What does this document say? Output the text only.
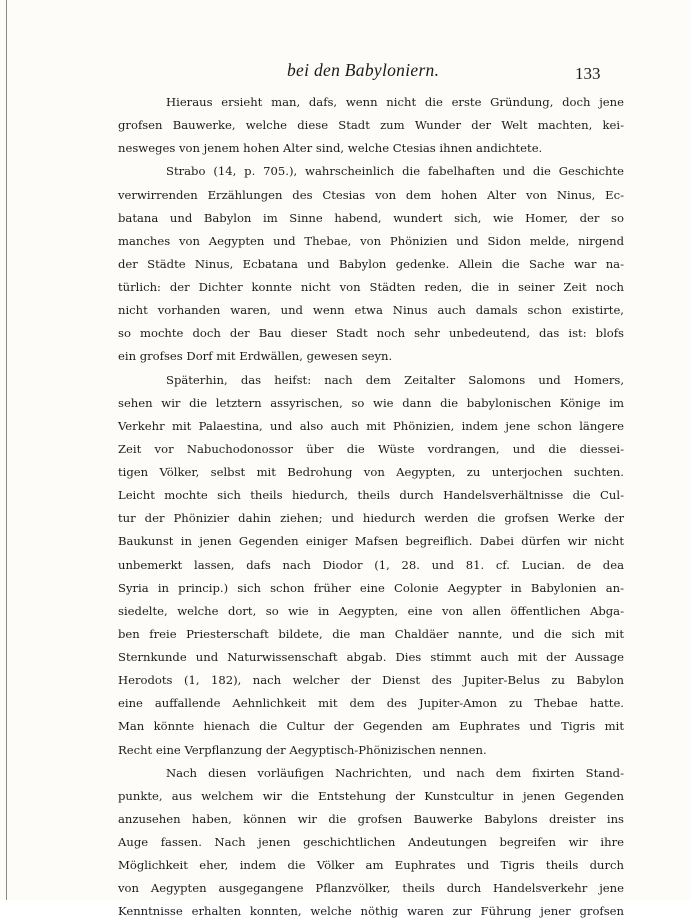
bei den Babyloniern.	133
Hieraus ersieht man, dafs, wenn nicht die erste Gründung, doch jene
grofsen Bauwerke, welche diese Stadt zum Wunder der Welt machten, kei-
nesweges von jenem hohen Alter sind, welche Ctesias ihnen andichtete.
Strabo (14, p. 705.), wahrscheinlich die fabelhaften und die Geschichte
verwirrenden Erzählungen des Ctesias von dem hohen Alter von Ninus, Ec-
batana und Babylon im Sinne habend, wundert sich, wie Homer, der so
manches von Aegypten und Thebae, von Phönizien und Sidon melde, nirgend
der Städte Ninus, Ecbatana und Babylon gedenke. Allein die Sache war na-
türlich: der Dichter konnte nicht von Städten reden, die in seiner Zeit noch
nicht vorhanden waren, und wenn etwa Ninus auch damals schon existirte,
so mochte doch der Bau dieser Stadt noch sehr unbedeutend, das ist: blofs
ein grofses Dorf mit Erdwällen, gewesen seyn.
Späterhin, das heifst: nach dem Zeitalter Salomons und Homers,
sehen wir die letztern assyrischen, so wie dann die babylonischen Könige im
Verkehr mit Palaestina, und also auch mit Phönizien, indem jene schon längere
Zeit vor Nabuchodonossor über die Wüste vordrangen, und die diessei-
tigen Völker, selbst mit Bedrohung von Aegypten, zu unterjochen suchten.
Leicht mochte sich theils hiedurch, theils durch Handelsverhältnisse die Cul-
tur der Phönizier dahin ziehen; und hiedurch werden die grofsen Werke der
Baukunst in jenen Gegenden einiger Mafsen begreiflich. Dabei dürfen wir nicht
unbemerkt lassen, dafs nach Diodor (1, 28. und 81. cf. Lucian. de dea
Syria in princip.) sich schon früher eine Colonie Aegypter in Babylonien an-
siedelte, welche dort, so wie in Aegypten, eine von allen öffentlichen Abga-
ben freie Priesterschaft bildete, die man Chaldäer nannte, und die sich mit
Sternkunde und Naturwissenschaft abgab. Dies stimmt auch mit der Aussage
Herodots (1, 182), nach welcher der Dienst des Jupiter-Belus zu Babylon
eine auffallende Aehnlichkeit mit dem des Jupiter-Amon zu Thebae hatte.
Man könnte hienach die Cultur der Gegenden am Euphrates und Tigris mit
Recht eine Verpflanzung der Aegyptisch-Phönizischen nennen.
Nach diesen vorläufigen Nachrichten, und nach dem fixirten Stand-
punkte, aus welchem wir die Entstehung der Kunstcultur in jenen Gegenden
anzusehen haben, können wir die grofsen Bauwerke Babylons dreister ins
Auge fassen. Nach jenen geschichtlichen Andeutungen begreifen wir ihre
Möglichkeit eher, indem die Völker am Euphrates und Tigris theils durch
von Aegypten ausgegangene Pflanzvölker, theils durch Handelsverkehr jene
Kenntnisse erhalten konnten, welche nöthig waren zur Führung jener grofsen
